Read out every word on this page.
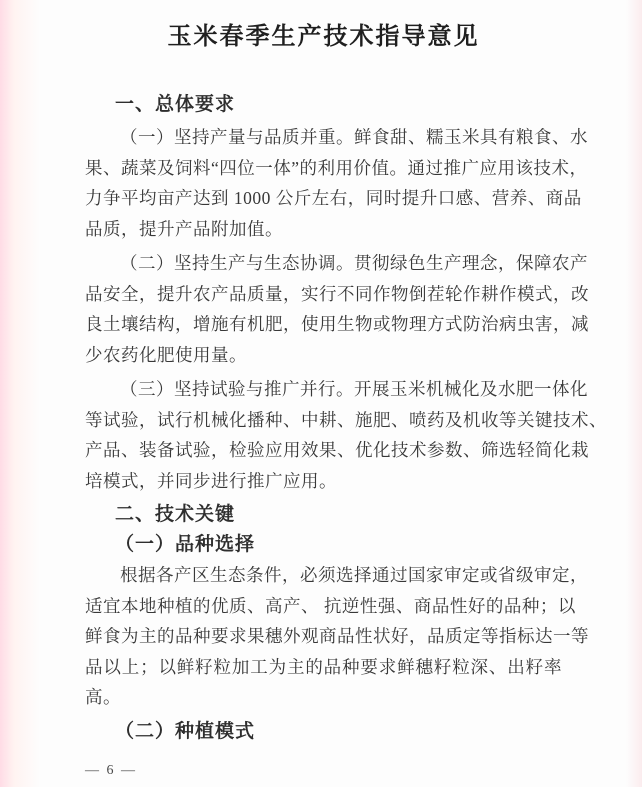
玉米春季生产技术指导意见
一、总体要求
（一）坚持产量与品质并重。鲜食甜、糯玉米具有粮食、水
果、蔬菜及饲料“四位一体”的利用价值。通过推广应用该技术，
力争平均亩产达到 1000 公斤左右，同时提升口感、营养、商品
品质，提升产品附加值。
（二）坚持生产与生态协调。贯彻绿色生产理念，保障农产
品安全，提升农产品质量，实行不同作物倒茬轮作耕作模式，改
良土壤结构，增施有机肥，使用生物或物理方式防治病虫害，减
少农药化肥使用量。
（三）坚持试验与推广并行。开展玉米机械化及水肥一体化
等试验，试行机械化播种、中耕、施肥、喷药及机收等关键技术、
产品、装备试验，检验应用效果、优化技术参数、筛选轻简化栽
培模式，并同步进行推广应用。
二、技术关键
（一）品种选择
根据各产区生态条件，必须选择通过国家审定或省级审定，
适宜本地种植的优质、高产、 抗逆性强、商品性好的品种；以
鲜食为主的品种要求果穗外观商品性状好，品质定等指标达一等
品以上；以鲜籽粒加工为主的品种要求鲜穗籽粒深、出籽率高。
（二）种植模式
— 6 —
